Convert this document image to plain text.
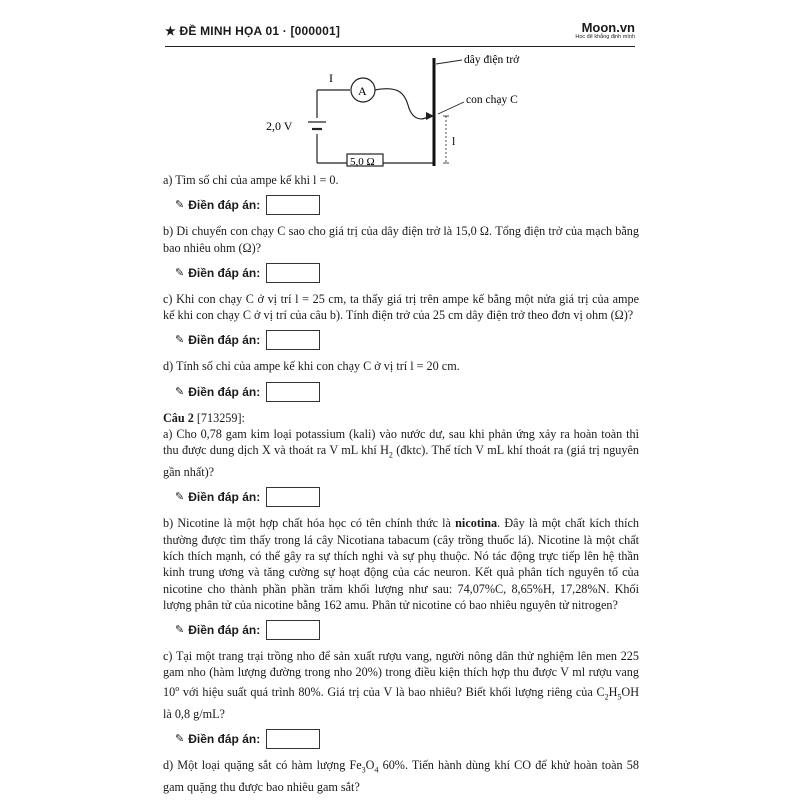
★ ĐỀ MINH HỌA 01 · [000001]	Moon.vn
Học để khẳng định mình
2,0 V
I
A
5,0 Ω
dây điện trở
con chạy C
l

a) Tìm số chỉ của ampe kế khi l = 0.

✎ Điền đáp án:

b) Di chuyển con chạy C sao cho giá trị của dây điện trở là 15,0 Ω. Tổng điện trở của mạch bằng bao nhiêu ohm (Ω)?

✎ Điền đáp án:

c) Khi con chạy C ở vị trí l = 25 cm, ta thấy giá trị trên ampe kế bằng một nửa giá trị của ampe kế khi con chạy C ở vị trí của câu b). Tính điện trở của 25 cm dây điện trở theo đơn vị ohm (Ω)?

✎ Điền đáp án:

d) Tính số chỉ của ampe kế khi con chạy C ở vị trí l = 20 cm.

✎ Điền đáp án:

Câu 2 [713259]:

a) Cho 0,78 gam kim loại potassium (kali) vào nước dư, sau khi phản ứng xảy ra hoàn toàn thì thu được dung dịch X và thoát ra V mL khí $H_2$ (đktc). Thể tích V mL khí thoát ra (giá trị nguyên gần nhất)?

✎ Điền đáp án:

b) Nicotine là một hợp chất hóa học có tên chính thức là nicotina. Đây là một chất kích thích thường được tìm thấy trong lá cây Nicotiana tabacum (cây trồng thuốc lá). Nicotine là một chất kích thích mạnh, có thể gây ra sự thích nghi và sự phụ thuộc. Nó tác động trực tiếp lên hệ thần kinh trung ương và tăng cường sự hoạt động của các neuron. Kết quả phân tích nguyên tố của nicotine cho thành phần phần trăm khối lượng như sau: 74,07%C, 8,65%H, 17,28%N. Khối lượng phân tử của nicotine bằng 162 amu. Phân tử nicotine có bao nhiêu nguyên tử nitrogen?

✎ Điền đáp án:

c) Tại một trang trại trồng nho để sản xuất rượu vang, người nông dân thử nghiệm lên men 225 gam nho (hàm lượng đường trong nho 20%) trong điều kiện thích hợp thu được V ml rượu vang 10$^o$ với hiệu suất quá trình 80%. Giá trị của V là bao nhiêu? Biết khối lượng riêng của $C_2H_5OH$ là 0,8 g/mL?

✎ Điền đáp án:

d) Một loại quặng sắt có hàm lượng $Fe_3O_4$ 60%. Tiến hành dùng khí CO để khử hoàn toàn 58 gam quặng thu được bao nhiêu gam sắt?
